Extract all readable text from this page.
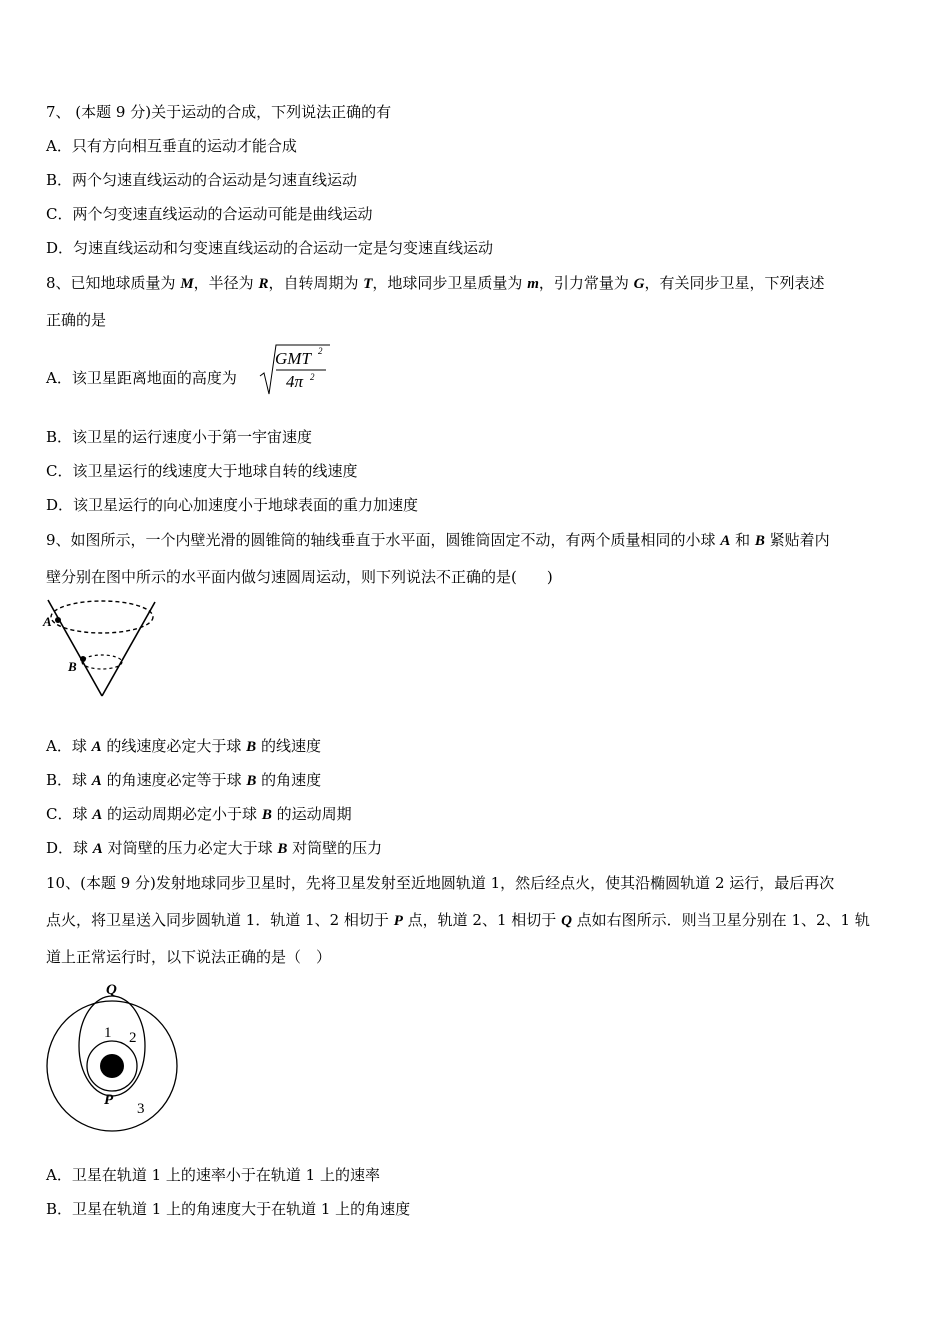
7、 (本题 9 分)关于运动的合成，下列说法正确的有
A．只有方向相互垂直的运动才能合成
B．两个匀速直线运动的合运动是匀速直线运动
C．两个匀变速直线运动的合运动可能是曲线运动
D．匀速直线运动和匀变速直线运动的合运动一定是匀变速直线运动
8、已知地球质量为 M，半径为 R，自转周期为 T，地球同步卫星质量为 m，引力常量为 G，有关同步卫星，下列表述
正确的是
A．该卫星距离地面的高度为
GMT 2
4π 2
B．该卫星的运行速度小于第一宇宙速度
C．该卫星运行的线速度大于地球自转的线速度
D．该卫星运行的向心加速度小于地球表面的重力加速度
9、如图所示，一个内壁光滑的圆锥筒的轴线垂直于水平面，圆锥筒固定不动，有两个质量相同的小球 A 和 B 紧贴着内
壁分别在图中所示的水平面内做匀速圆周运动，则下列说法不正确的是(　　)
A
B
A．球 A 的线速度必定大于球 B 的线速度
B．球 A 的角速度必定等于球 B 的角速度
C．球 A 的运动周期必定小于球 B 的运动周期
D．球 A 对筒壁的压力必定大于球 B 对筒壁的压力
10、(本题 9 分)发射地球同步卫星时，先将卫星发射至近地圆轨道 1，然后经点火，使其沿椭圆轨道 2 运行，最后再次
点火，将卫星送入同步圆轨道 1．轨道 1、2 相切于 P 点，轨道 2、1 相切于 Q 点如右图所示．则当卫星分别在 1、2、1 轨
道上正常运行时，以下说法正确的是（　）
Q
1 2
P
3
A．卫星在轨道 1 上的速率小于在轨道 1 上的速率
B．卫星在轨道 1 上的角速度大于在轨道 1 上的角速度
